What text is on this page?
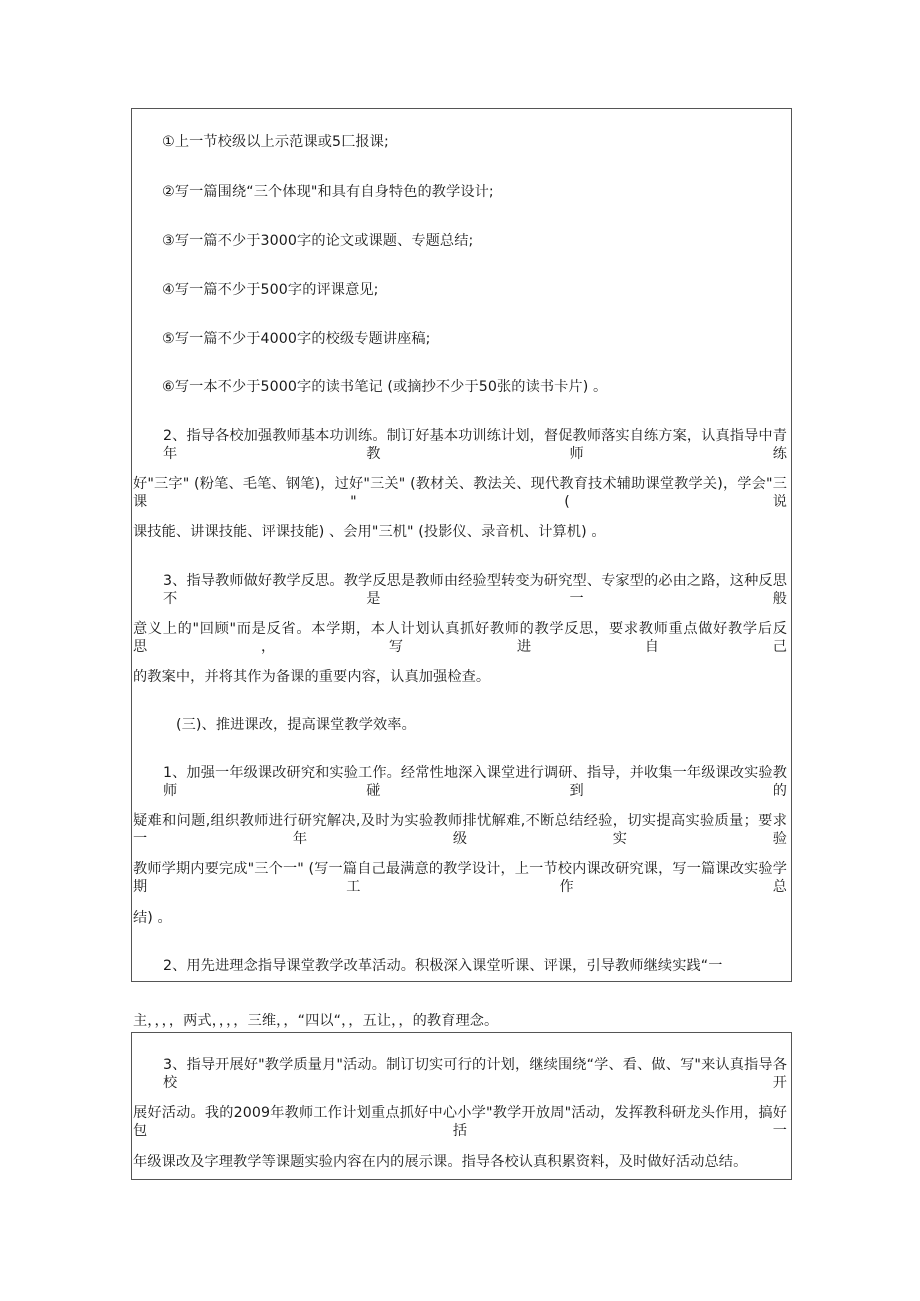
①上一节校级以上示范课或5匚报课;
②写一篇围绕“三个体现"和具有自身特色的教学设计;
③写一篇不少于3000字的论文或课题、专题总结;
④写一篇不少于500字的评课意见;
⑤写一篇不少于4000字的校级专题讲座稿;
⑥写一本不少于5000字的读书笔记 (或摘抄不少于50张的读书卡片) 。
2、指导各校加强教师基本功训练。制订好基本功训练计划，督促教师落实自练方案，认真指导中青年教师练
好"三字" (粉笔、毛笔、钢笔)，过好"三关" (教材关、教法关、现代教育技术辅助课堂教学关)，学会"三课" (说
课技能、讲课技能、评课技能) 、会用"三机" (投影仪、录音机、计算机) 。
3、指导教师做好教学反思。教学反思是教师由经验型转变为研究型、专家型的必由之路，这种反思不是一般
意义上的"回顾"而是反省。本学期，本人计划认真抓好教师的教学反思，要求教师重点做好教学后反思，写进自己
的教案中，并将其作为备课的重要内容，认真加强检查。
(三)、推进课改，提高课堂教学效率。
1、加强一年级课改研究和实验工作。经常性地深入课堂进行调研、指导，并收集一年级课改实验教师碰到的
疑难和问题,组织教师进行研究解决,及时为实验教师排忧解难,不断总结经验，切实提高实验质量；要求一年级实验
教师学期内要完成"三个一" (写一篇自己最满意的教学设计，上一节校内课改研究课，写一篇课改实验学期工作总
结) 。
2、用先进理念指导课堂教学改革活动。积极深入课堂听课、评课，引导教师继续实践“一
主，，，，两式，，，，三维，，“四以“，，五让，，的教育理念。
3、指导开展好"教学质量月"活动。制订切实可行的计划，继续围绕“学、看、做、写"来认真指导各校开
展好活动。我的2009年教师工作计划重点抓好中心小学"教学开放周"活动，发挥教科研龙头作用，搞好包括一
年级课改及字理教学等课题实验内容在内的展示课。指导各校认真积累资料，及时做好活动总结。
